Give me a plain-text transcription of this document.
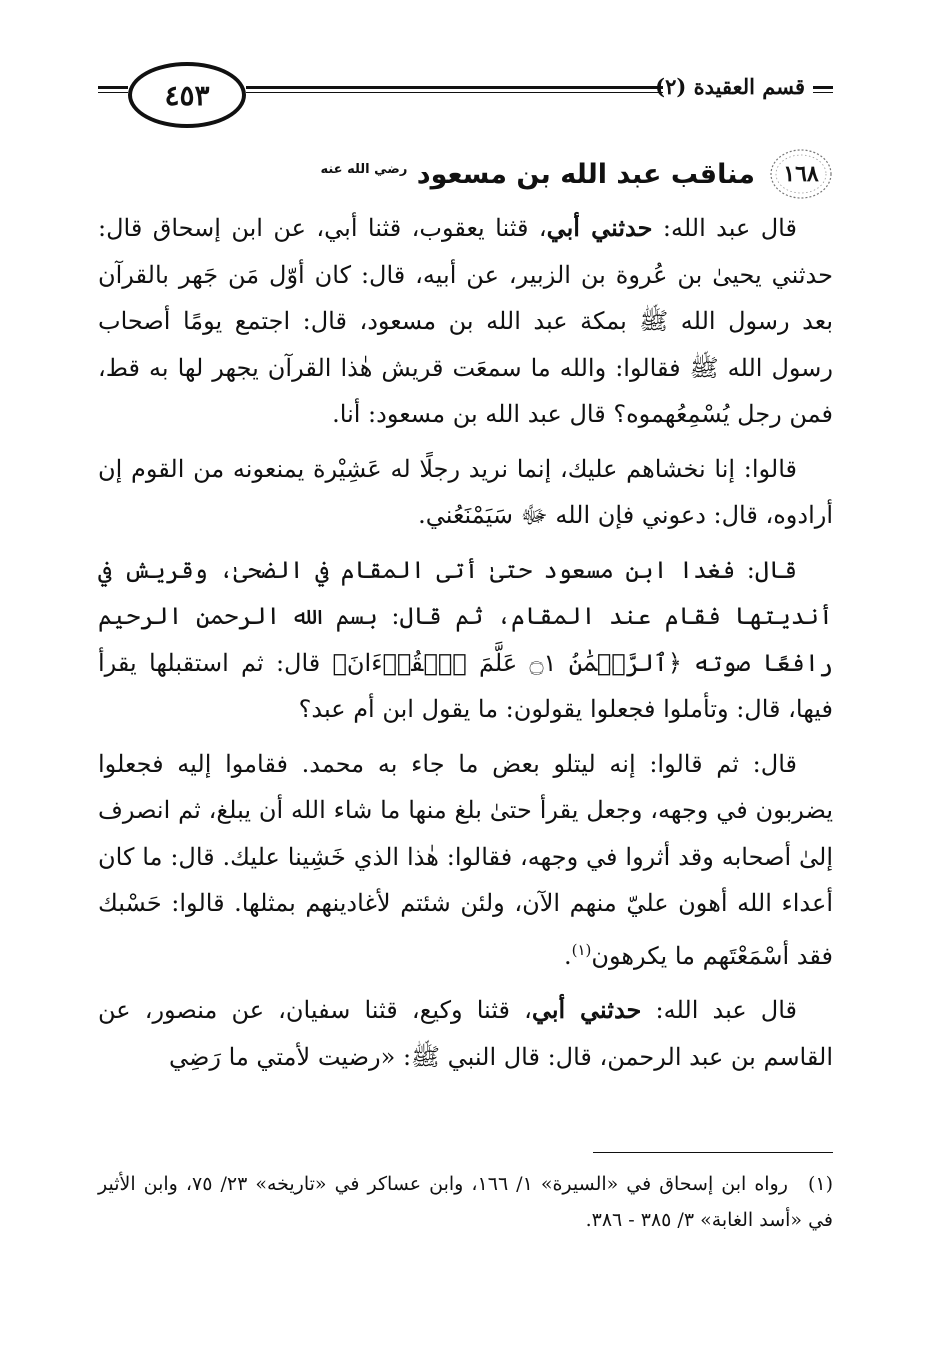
٤٥٣	قسم العقيدة (٢)
١٦٨
مناقب عبد الله بن مسعود $^{رضي الله عنه}$

قال عبد الله: حدثني أبي، قثنا يعقوب، قثنا أبي، عن ابن إسحاق قال: حدثني يحيىٰ بن عُروة بن الزبير، عن أبيه، قال: كان أوّل مَن جَهر بالقرآن بعد رسول الله ﷺ بمكة عبد الله بن مسعود، قال: اجتمع يومًا أصحاب رسول الله ﷺ فقالوا: والله ما سمعَت قريش هٰذا القرآن يجهر لها به قط، فمن رجل يُسْمِعُهموه؟ قال عبد الله بن مسعود: أنا.

قالوا: إنا نخشاهم عليك، إنما نريد رجلًا له عَشِيْرة يمنعونه من القوم إن أرادوه، قال: دعوني فإن الله ﷻ سَيَمْنَعُني.

قال: فغدا ابن مسعود حتىٰ أتى المقام في الضحىٰ، وقريش في أنديتها فقام عند المقام، ثم قال: بسم الله الرحمن الرحيم رافعًا صوته ﴿ٱلرَّحۡمَٰنُ ۝١ عَلَّمَ ٱلۡقُرۡءَانَ﴾ قال: ثم استقبلها يقرأ فيها، قال: وتأملوا فجعلوا يقولون: ما يقول ابن أم عبد؟

قال: ثم قالوا: إنه ليتلو بعض ما جاء به محمد. فقاموا إليه فجعلوا يضربون في وجهه، وجعل يقرأ حتىٰ بلغ منها ما شاء الله أن يبلغ، ثم انصرف إلىٰ أصحابه وقد أثروا في وجهه، فقالوا: هٰذا الذي خَشِينا عليك. قال: ما كان أعداء الله أهون عليّ منهم الآن، ولئن شئتم لأغادينهم بمثلها. قالوا: حَسْبك فقد أسْمَعْتَهم ما يكرهون$^{(١)}$.

قال عبد الله: حدثني أبي، قثنا وكيع، قثنا سفيان، عن منصور، عن القاسم بن عبد الرحمن، قال: قال النبي ﷺ: «رضيت لأمتي ما رَضِي

(١) رواه ابن إسحاق في «السيرة» ١/ ١٦٦، وابن عساكر في «تاريخه» ٢٣/ ٧٥، وابن الأثير في «أسد الغابة» ٣/ ٣٨٥ - ٣٨٦.
